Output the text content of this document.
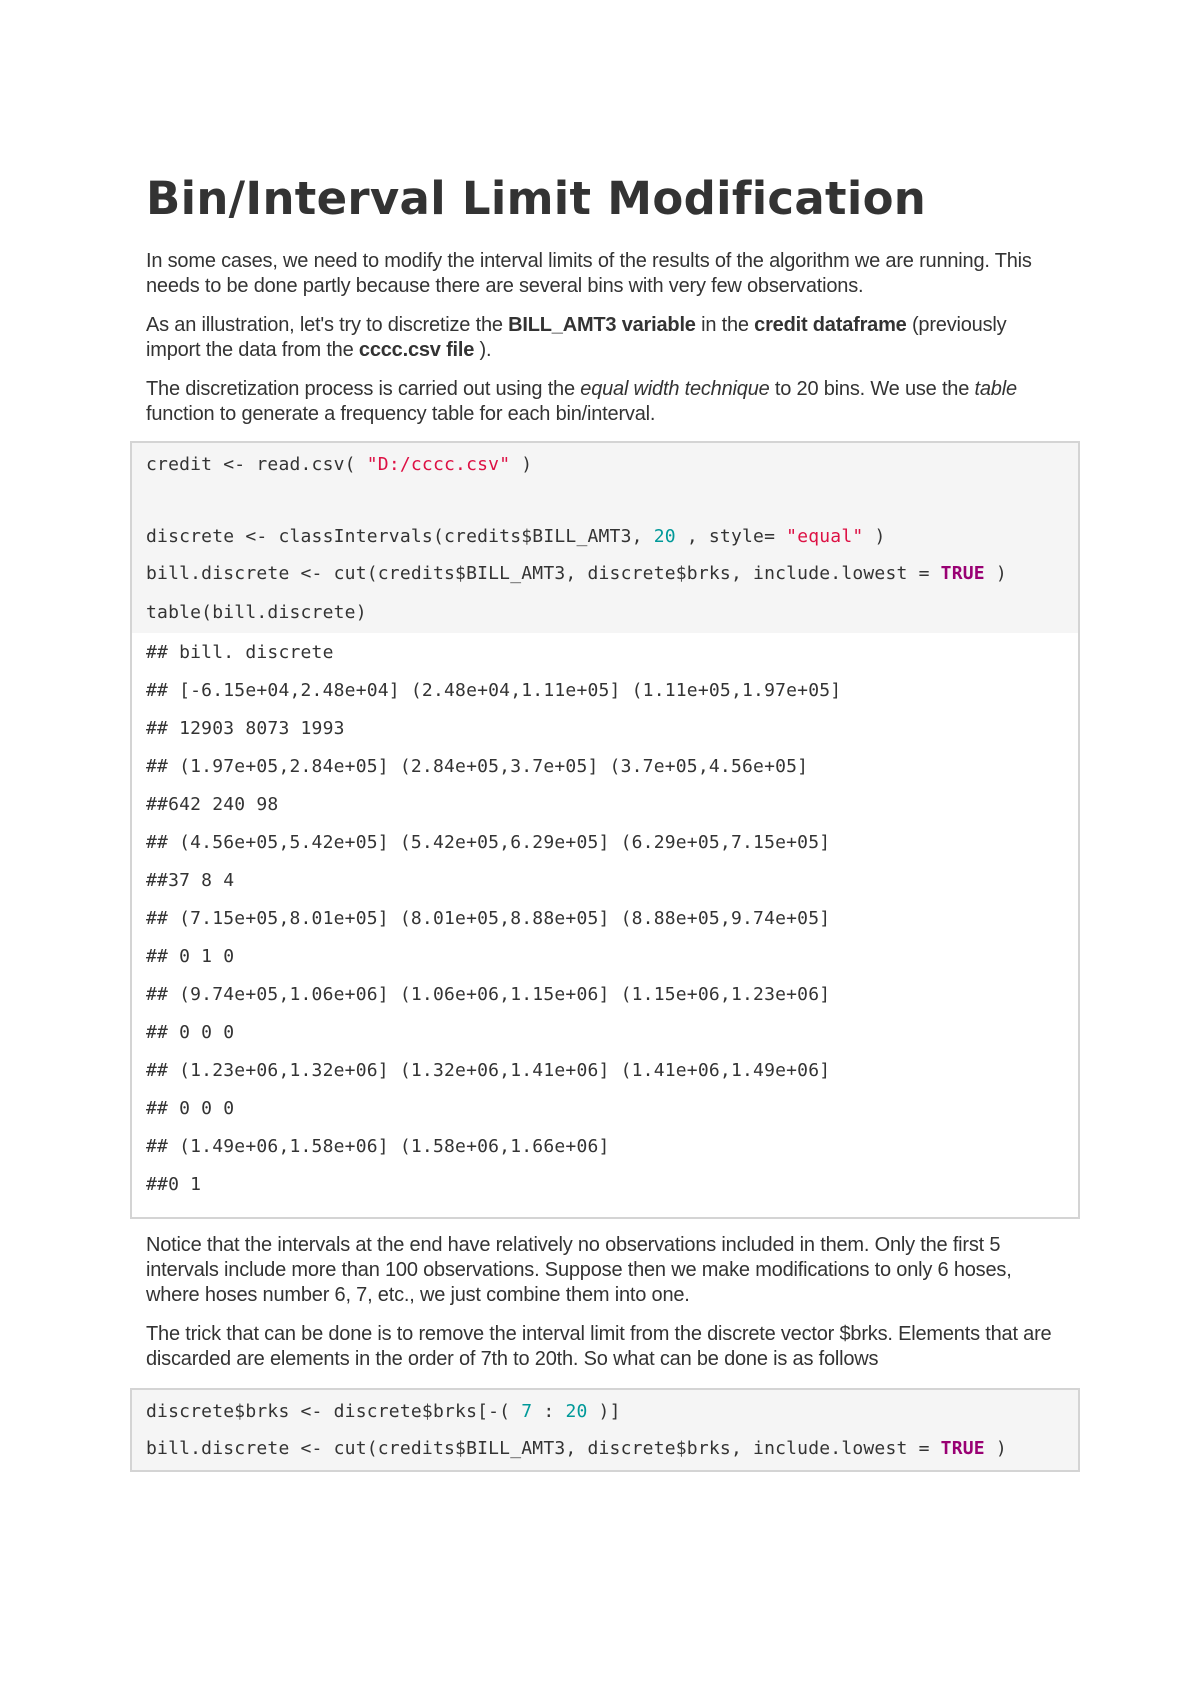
Bin/Interval Limit Modification

In some cases, we need to modify the interval limits of the results of the algorithm we are running. This needs to be done partly because there are several bins with very few observations.

As an illustration, let's try to discretize the BILL_AMT3 variable in the credit dataframe (previously import the data from the cccc.csv file ).

The discretization process is carried out using the equal width technique to 20 bins. We use the table function to generate a frequency table for each bin/interval.

credit <- read.csv( "D:/cccc.csv" )
discrete <- classIntervals(credits$BILL_AMT3, 20 , style= "equal" )
bill.discrete <- cut(credits$BILL_AMT3, discrete$brks, include.lowest = TRUE )
table(bill.discrete)
## bill. discrete
## [-6.15e+04,2.48e+04] (2.48e+04,1.11e+05] (1.11e+05,1.97e+05]
## 12903 8073 1993
## (1.97e+05,2.84e+05] (2.84e+05,3.7e+05] (3.7e+05,4.56e+05]
##642 240 98
## (4.56e+05,5.42e+05] (5.42e+05,6.29e+05] (6.29e+05,7.15e+05]
##37 8 4
## (7.15e+05,8.01e+05] (8.01e+05,8.88e+05] (8.88e+05,9.74e+05]
## 0 1 0
## (9.74e+05,1.06e+06] (1.06e+06,1.15e+06] (1.15e+06,1.23e+06]
## 0 0 0
## (1.23e+06,1.32e+06] (1.32e+06,1.41e+06] (1.41e+06,1.49e+06]
## 0 0 0
## (1.49e+06,1.58e+06] (1.58e+06,1.66e+06]
##0 1

Notice that the intervals at the end have relatively no observations included in them. Only the first 5 intervals include more than 100 observations. Suppose then we make modifications to only 6 hoses, where hoses number 6, 7, etc., we just combine them into one.

The trick that can be done is to remove the interval limit from the discrete vector $brks. Elements that are discarded are elements in the order of 7th to 20th. So what can be done is as follows

discrete$brks <- discrete$brks[-( 7 : 20 )]
bill.discrete <- cut(credits$BILL_AMT3, discrete$brks, include.lowest = TRUE )
